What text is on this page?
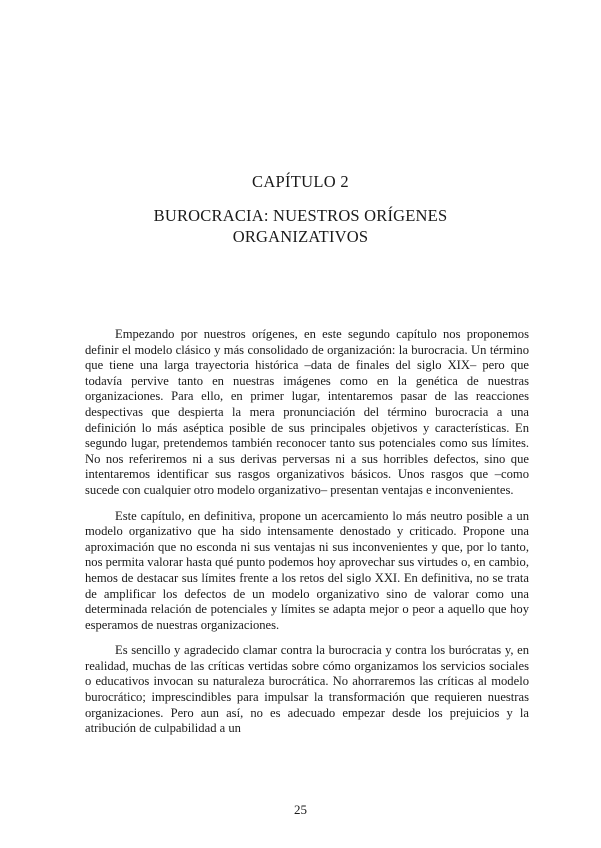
CAPÍTULO 2
BUROCRACIA: NUESTROS ORÍGENES
ORGANIZATIVOS

Empezando por nuestros orígenes, en este segundo capítulo nos proponemos definir el modelo clásico y más consolidado de organización: la burocracia. Un término que tiene una larga trayectoria histórica –data de finales del siglo XIX– pero que todavía pervive tanto en nuestras imágenes como en la genética de nuestras organizaciones. Para ello, en primer lugar, intentaremos pasar de las reacciones despectivas que despierta la mera pronunciación del término burocracia a una definición lo más aséptica posible de sus principales objetivos y características. En segundo lugar, pretendemos también reconocer tanto sus potenciales como sus límites. No nos referiremos ni a sus derivas perversas ni a sus horribles defectos, sino que intentaremos identificar sus rasgos organizativos básicos. Unos rasgos que –como sucede con cualquier otro modelo organizativo– presentan ventajas e inconvenientes.

Este capítulo, en definitiva, propone un acercamiento lo más neutro posible a un modelo organizativo que ha sido intensamente denostado y criticado. Propone una aproximación que no esconda ni sus ventajas ni sus inconvenientes y que, por lo tanto, nos permita valorar hasta qué punto podemos hoy aprovechar sus virtudes o, en cambio, hemos de destacar sus límites frente a los retos del siglo XXI. En definitiva, no se trata de amplificar los defectos de un modelo organizativo sino de valorar como una determinada relación de potenciales y límites se adapta mejor o peor a aquello que hoy esperamos de nuestras organizaciones.

Es sencillo y agradecido clamar contra la burocracia y contra los burócratas y, en realidad, muchas de las críticas vertidas sobre cómo organizamos los servicios sociales o educativos invocan su naturaleza burocrática. No ahorraremos las críticas al modelo burocrático; imprescindibles para impulsar la transformación que requieren nuestras organizaciones. Pero aun así, no es adecuado empezar desde los prejuicios y la atribución de culpabilidad a un

25
